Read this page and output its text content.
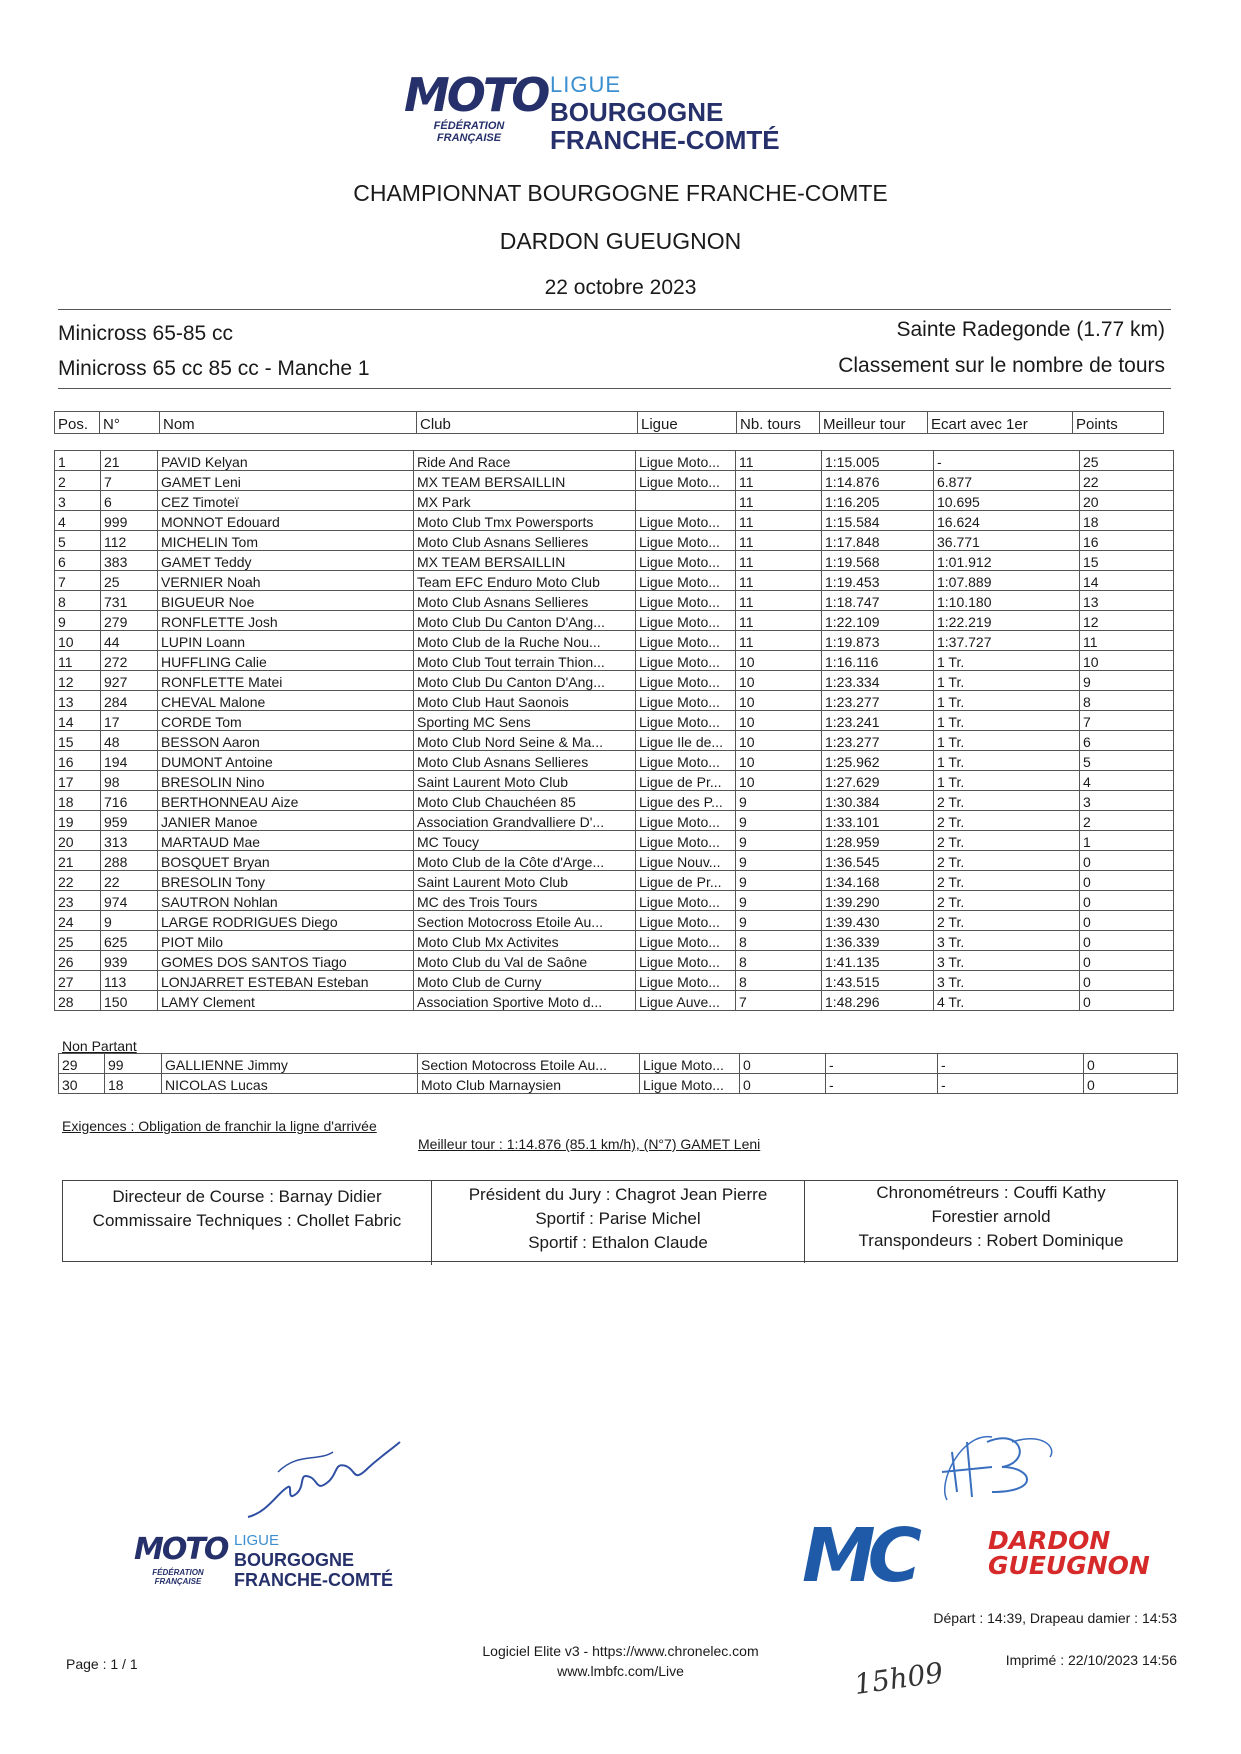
MOTO
FÉDÉRATION FRANÇAISE
LIGUE
BOURGOGNE
FRANCHE-COMTÉ
CHAMPIONNAT BOURGOGNE FRANCHE-COMTE
DARDON GUEUGNON
22 octobre 2023
Minicross 65-85 cc
Minicross 65 cc 85 cc - Manche 1
Sainte Radegonde (1.77 km)
Classement sur le nombre de tours
Pos.	N°	Nom	Club	Ligue	Nb. tours	Meilleur tour	Ecart avec 1er	Points
1	21	PAVID Kelyan	Ride And Race	Ligue Moto...	11	1:15.005	-	25
2	7	GAMET Leni	MX TEAM BERSAILLIN	Ligue Moto...	11	1:14.876	6.877	22
3	6	CEZ Timoteï	MX Park		11	1:16.205	10.695	20
4	999	MONNOT Edouard	Moto Club Tmx Powersports	Ligue Moto...	11	1:15.584	16.624	18
5	112	MICHELIN Tom	Moto Club Asnans Sellieres	Ligue Moto...	11	1:17.848	36.771	16
6	383	GAMET Teddy	MX TEAM BERSAILLIN	Ligue Moto...	11	1:19.568	1:01.912	15
7	25	VERNIER Noah	Team EFC Enduro Moto Club	Ligue Moto...	11	1:19.453	1:07.889	14
8	731	BIGUEUR Noe	Moto Club Asnans Sellieres	Ligue Moto...	11	1:18.747	1:10.180	13
9	279	RONFLETTE Josh	Moto Club Du Canton D'Ang...	Ligue Moto...	11	1:22.109	1:22.219	12
10	44	LUPIN Loann	Moto Club de la Ruche Nou...	Ligue Moto...	11	1:19.873	1:37.727	11
11	272	HUFFLING Calie	Moto Club Tout terrain Thion...	Ligue Moto...	10	1:16.116	1 Tr.	10
12	927	RONFLETTE Matei	Moto Club Du Canton D'Ang...	Ligue Moto...	10	1:23.334	1 Tr.	9
13	284	CHEVAL Malone	Moto Club Haut Saonois	Ligue Moto...	10	1:23.277	1 Tr.	8
14	17	CORDE Tom	Sporting MC Sens	Ligue Moto...	10	1:23.241	1 Tr.	7
15	48	BESSON Aaron	Moto Club Nord Seine & Ma...	Ligue Ile de...	10	1:23.277	1 Tr.	6
16	194	DUMONT Antoine	Moto Club Asnans Sellieres	Ligue Moto...	10	1:25.962	1 Tr.	5
17	98	BRESOLIN Nino	Saint Laurent Moto Club	Ligue de Pr...	10	1:27.629	1 Tr.	4
18	716	BERTHONNEAU Aize	Moto Club Chauchéen 85	Ligue des P...	9	1:30.384	2 Tr.	3
19	959	JANIER Manoe	Association Grandvalliere D'...	Ligue Moto...	9	1:33.101	2 Tr.	2
20	313	MARTAUD Mae	MC Toucy	Ligue Moto...	9	1:28.959	2 Tr.	1
21	288	BOSQUET Bryan	Moto Club de la Côte d'Arge...	Ligue Nouv...	9	1:36.545	2 Tr.	0
22	22	BRESOLIN Tony	Saint Laurent Moto Club	Ligue de Pr...	9	1:34.168	2 Tr.	0
23	974	SAUTRON Nohlan	MC des Trois Tours	Ligue Moto...	9	1:39.290	2 Tr.	0
24	9	LARGE RODRIGUES Diego	Section Motocross Etoile Au...	Ligue Moto...	9	1:39.430	2 Tr.	0
25	625	PIOT Milo	Moto Club Mx Activites	Ligue Moto...	8	1:36.339	3 Tr.	0
26	939	GOMES DOS SANTOS Tiago	Moto Club du Val de Saône	Ligue Moto...	8	1:41.135	3 Tr.	0
27	113	LONJARRET ESTEBAN Esteban	Moto Club de Curny	Ligue Moto...	8	1:43.515	3 Tr.	0
28	150	LAMY Clement	Association Sportive Moto d...	Ligue Auve...	7	1:48.296	4 Tr.	0
Non Partant
29	99	GALLIENNE Jimmy	Section Motocross Etoile Au...	Ligue Moto...	0	-	-	0
30	18	NICOLAS Lucas	Moto Club Marnaysien	Ligue Moto...	0	-	-	0
Exigences : Obligation de franchir la ligne d'arrivée
Meilleur tour : 1:14.876 (85.1 km/h), (N°7) GAMET Leni
Directeur de Course : Barnay Didier
Commissaire Techniques : Chollet Fabric
Président du Jury : Chagrot Jean Pierre
Sportif : Parise Michel
Sportif : Ethalon Claude
Chronométreurs : Couffi Kathy
Forestier arnold
Transpondeurs : Robert Dominique
MOTO
FÉDÉRATION FRANÇAISE
LIGUE
BOURGOGNE
FRANCHE-COMTÉ	MC	DARDON
GUEUGNON
Départ : 14:39, Drapeau damier : 14:53
Page : 1 / 1
Logiciel Elite v3 - https://www.chronelec.com
www.lmbfc.com/Live
Imprimé : 22/10/2023 14:56
15h09
